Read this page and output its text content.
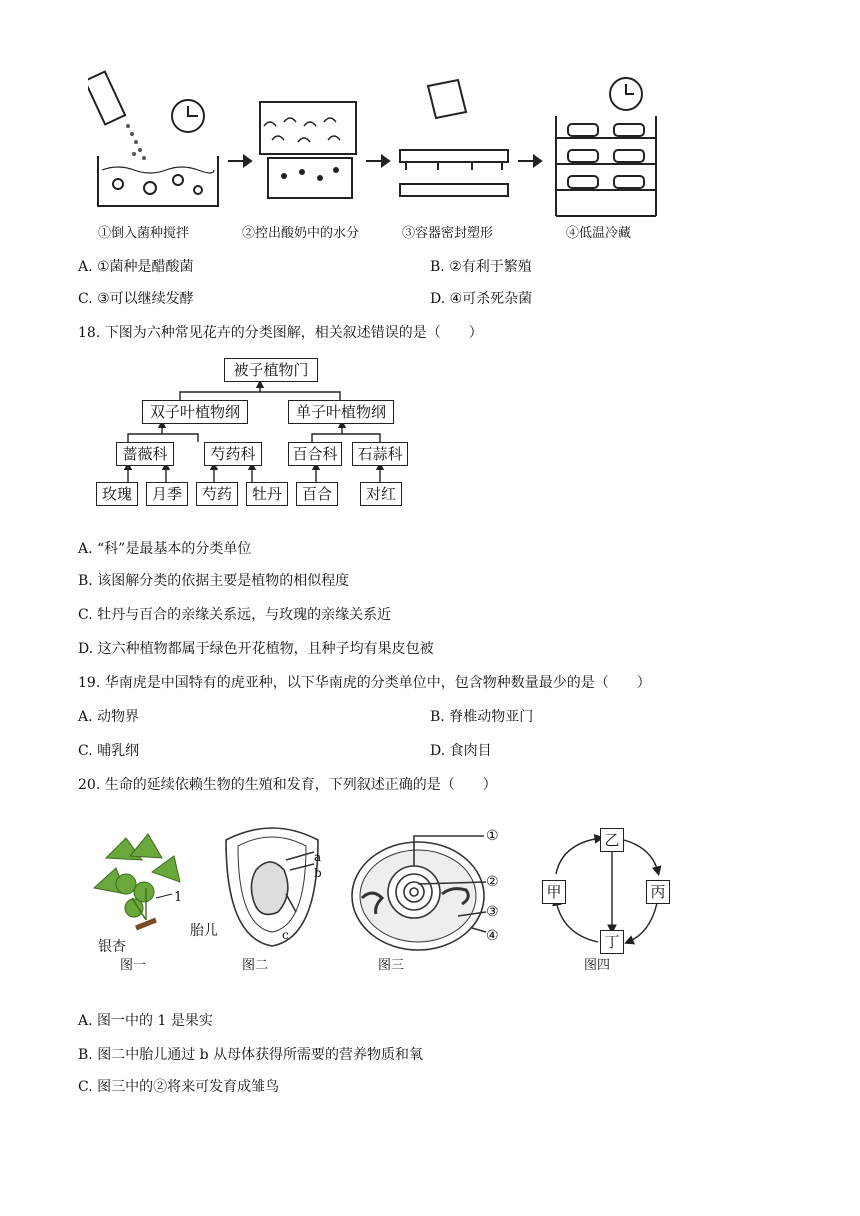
①倒入菌种搅拌	②控出酸奶中的水分	③容器密封塑形	④低温冷藏
A. ①菌种是醋酸菌	B. ②有利于繁殖
C. ③可以继续发酵	D. ④可杀死杂菌
18. 下图为六种常见花卉的分类图解，相关叙述错误的是（　　）
被子植物门
双子叶植物纲	单子叶植物纲
蔷薇科	芍药科	百合科	石蒜科
玫瑰	月季	芍药	牡丹	百合	对红
A. “科”是最基本的分类单位
B. 该图解分类的依据主要是植物的相似程度
C. 牡丹与百合的亲缘关系远，与玫瑰的亲缘关系近
D. 这六种植物都属于绿色开花植物，且种子均有果皮包被
19. 华南虎是中国特有的虎亚种，以下华南虎的分类单位中，包含物种数量最少的是（　　）
A. 动物界	B. 脊椎动物亚门
C. 哺乳纲	D. 食肉目
20. 生命的延续依赖生物的生殖和发育，下列叙述正确的是（　　）
1
银杏
图一
a
b
c
胎儿
图二
①
②
③
④
图三
乙
甲	丙
丁
图四
A. 图一中的 1 是果实
B. 图二中胎儿通过 b 从母体获得所需要的营养物质和氧
C. 图三中的②将来可发育成雏鸟
